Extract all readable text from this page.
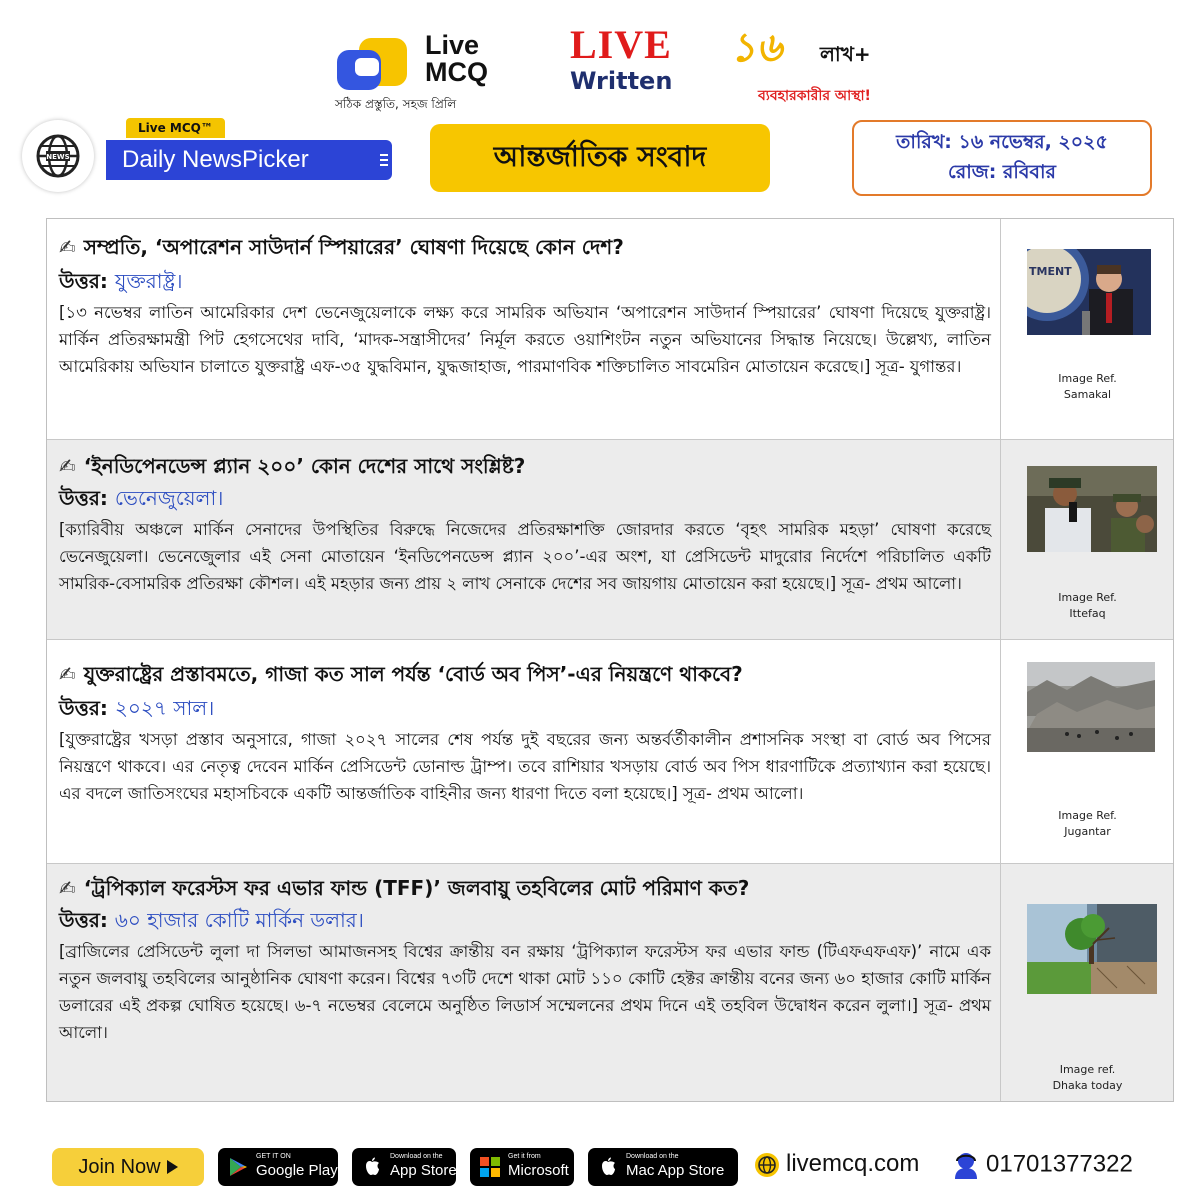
Live
MCQ
সঠিক প্রস্তুতি, সহজ প্রিলি
LIVE
Written
১৬	লাখ+
ব্যবহারকারীর আস্থা!
NEWS
Live MCQ™
Daily NewsPicker	আন্তর্জাতিক সংবাদ	তারিখ: ১৬ নভেম্বর, ২০২৫
রোজ: রবিবার
✍ সম্প্রতি, ‘অপারেশন সাউদার্ন স্পিয়ারের’ ঘোষণা দিয়েছে কোন দেশ?
উত্তর: যুক্তরাষ্ট্র।
[১৩ নভেম্বর লাতিন আমেরিকার দেশ ভেনেজুয়েলাকে লক্ষ্য করে সামরিক অভিযান ‘অপারেশন সাউদার্ন স্পিয়ারের’ ঘোষণা দিয়েছে যুক্তরাষ্ট্র। মার্কিন প্রতিরক্ষামন্ত্রী পিট হেগসেথের দাবি, ‘মাদক-সন্ত্রাসীদের’ নির্মূল করতে ওয়াশিংটন নতুন অভিযানের সিদ্ধান্ত নিয়েছে। উল্লেখ্য, লাতিন আমেরিকায় অভিযান চালাতে যুক্তরাষ্ট্র এফ-৩৫ যুদ্ধবিমান, যুদ্ধজাহাজ, পারমাণবিক শক্তিচালিত সাবমেরিন মোতায়েন করেছে।] সূত্র- যুগান্তর।
TMENT
Image Ref.
Samakal
✍ ‘ইনডিপেনডেন্স প্ল্যান ২০০’ কোন দেশের সাথে সংশ্লিষ্ট?
উত্তর: ভেনেজুয়েলা।
[ক্যারিবীয় অঞ্চলে মার্কিন সেনাদের উপস্থিতির বিরুদ্ধে নিজেদের প্রতিরক্ষাশক্তি জোরদার করতে ‘বৃহৎ সামরিক মহড়া’ ঘোষণা করেছে ভেনেজুয়েলা। ভেনেজু্েলার এই সেনা মোতায়েন ‘ইনডিপেনডেন্স প্ল্যান ২০০’-এর অংশ, যা প্রেসিডেন্ট মাদুরোর নির্দেশে পরিচালিত একটি সামরিক-বেসামরিক প্রতিরক্ষা কৌশল। এই মহড়ার জন্য প্রায় ২ লাখ সেনাকে দেশের সব জায়গায় মোতায়েন করা হয়েছে।] সূত্র- প্রথম আলো।
Image Ref.
Ittefaq
✍ যুক্তরাষ্ট্রের প্রস্তাবমতে, গাজা কত সাল পর্যন্ত ‘বোর্ড অব পিস’-এর নিয়ন্ত্রণে থাকবে?
উত্তর: ২০২৭ সাল।
[যুক্তরাষ্ট্রের খসড়া প্রস্তাব অনুসারে, গাজা ২০২৭ সালের শেষ পর্যন্ত দুই বছরের জন্য অন্তর্বর্তীকালীন প্রশাসনিক সংস্থা বা বোর্ড অব পিসের নিয়ন্ত্রণে থাকবে। এর নেতৃত্ব দেবেন মার্কিন প্রেসিডেন্ট ডোনাল্ড ট্রাম্প। তবে রাশিয়ার খসড়ায় বোর্ড অব পিস ধারণাটিকে প্রত্যাখ্যান করা হয়েছে। এর বদলে জাতিসংঘের মহাসচিবকে একটি আন্তর্জাতিক বাহিনীর জন্য ধারণা দিতে বলা হয়েছে।] সূত্র- প্রথম আলো।
Image Ref.
Jugantar
✍ ‘ট্রপিক্যাল ফরেস্টস ফর এভার ফান্ড (TFF)’ জলবায়ু তহবিলের মোট পরিমাণ কত?
উত্তর: ৬০ হাজার কোটি মার্কিন ডলার।
[ব্রাজিলের প্রেসিডেন্ট লুলা দা সিলভা আমাজনসহ বিশ্বের ক্রান্তীয় বন রক্ষায় ‘ট্রপিক্যাল ফরেস্টস ফর এভার ফান্ড (টিএফএফএফ)’ নামে এক নতুন জলবায়ু তহবিলের আনুষ্ঠানিক ঘোষণা করেন। বিশ্বের ৭৩টি দেশে থাকা মোট ১১০ কোটি হেক্টর ক্রান্তীয় বনের জন্য ৬০ হাজার কোটি মার্কিন ডলারের এই প্রকল্প ঘোষিত হয়েছে। ৬-৭ নভেম্বর বেলেমে অনুষ্ঠিত লিডার্স সম্মেলনের প্রথম দিনে এই তহবিল উদ্বোধন করেন লুলা।] সূত্র- প্রথম আলো।
Image ref.
Dhaka today
Join Now	GET IT ON
Google Play
Download on the
App Store
Get it from
Microsoft
Download on the
Mac App Store	livemcq.com	01701377322
